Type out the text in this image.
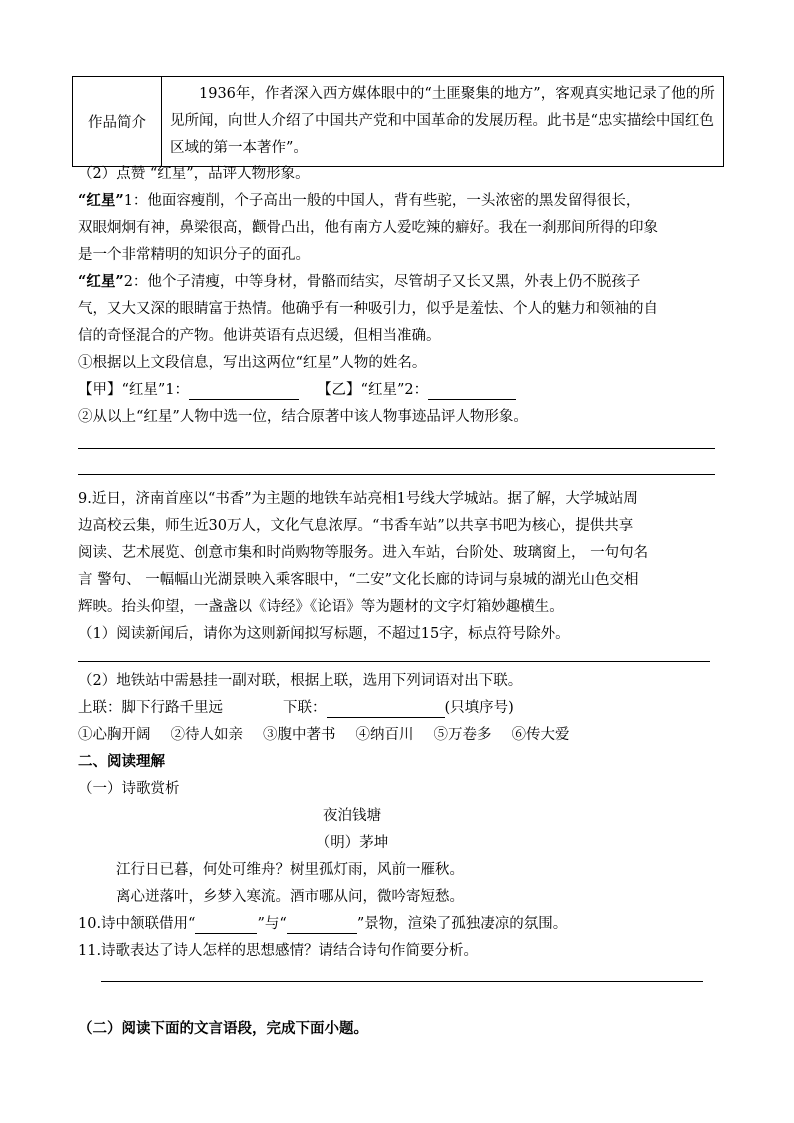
作品简介	1936年，作者深入西方媒体眼中的“土匪聚集的地方”，客观真实地记录了他的所见所闻，向世人介绍了中国共产党和中国革命的发展历程。此书是“忠实描绘中国红色区域的第一本著作”。
（2）点赞 “红星”，品评人物形象。
“红星”1：他面容瘦削，个子高出一般的中国人，背有些驼，一头浓密的黑发留得很长，
双眼炯炯有神，鼻梁很高，颧骨凸出，他有南方人爱吃辣的癖好。我在一刹那间所得的印象
是一个非常精明的知识分子的面孔。
“红星”2：他个子清瘦，中等身材，骨骼而结实，尽管胡子又长又黑，外表上仍不脱孩子
气，又大又深的眼睛富于热情。他确乎有一种吸引力，似乎是羞怯、个人的魅力和领袖的自
信的奇怪混合的产物。他讲英语有点迟缓，但相当准确。
①根据以上文段信息，写出这两位“红星”人物的姓名。
【甲】“红星”1：	【乙】“红星”2：
②从以上“红星”人物中选一位，结合原著中该人物事迹品评人物形象。
9.近日，济南首座以“书香”为主题的地铁车站亮相1号线大学城站。据了解，大学城站周
边高校云集，师生近30万人，文化气息浓厚。“书香车站”以共享书吧为核心，提供共享
阅读、艺术展览、创意市集和时尚购物等服务。进入车站，台阶处、玻璃窗上， 一句句名
言 警句、 一幅幅山光湖景映入乘客眼中，“二安”文化长廊的诗词与泉城的湖光山色交相
辉映。抬头仰望，一盏盏以《诗经》《论语》等为题材的文字灯箱妙趣横生。
（1）阅读新闻后，请你为这则新闻拟写标题，不超过15字，标点符号除外。
（2）地铁站中需悬挂一副对联，根据上联，选用下列词语对出下联。
上联：脚下行路千里远	下联：	(只填序号)
①心胸开阔 ②待人如亲 ③腹中著书 ④纳百川 ⑤万卷多 ⑥传大爱
二、阅读理解
（一）诗歌赏析
夜泊钱塘
（明）茅坤
江行日已暮，何处可维舟？树里孤灯雨，风前一雁秋。
离心迸落叶，乡梦入寒流。酒市哪从问，微吟寄短愁。
10.诗中颔联借用“	”与“	”景物，渲染了孤独凄凉的氛围。
11.诗歌表达了诗人怎样的思想感情？请结合诗句作简要分析。
（二）阅读下面的文言语段，完成下面小题。
